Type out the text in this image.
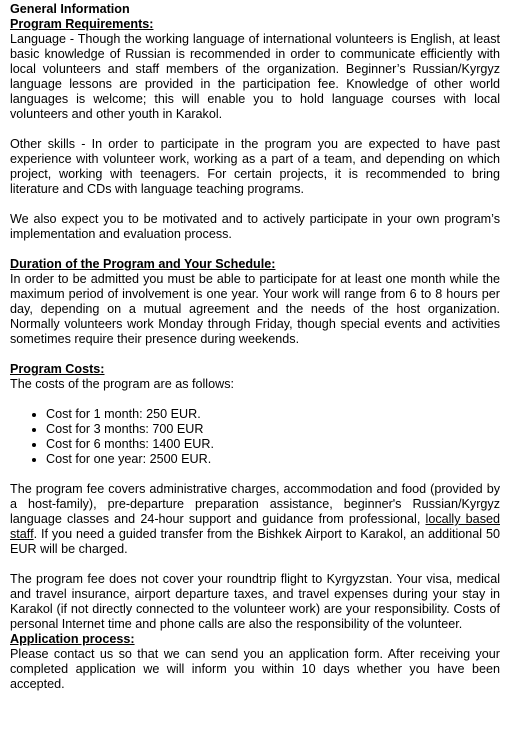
General Information

Program Requirements:

Language - Though the working language of international volunteers is English, at least basic knowledge of Russian is recommended in order to communicate efficiently with local volunteers and staff members of the organization. Beginner’s Russian/Kyrgyz language lessons are provided in the participation fee. Knowledge of other world languages is welcome; this will enable you to hold language courses with local volunteers and other youth in Karakol.

Other skills - In order to participate in the program you are expected to have past experience with volunteer work, working as a part of a team, and depending on which project, working with teenagers. For certain projects, it is recommended to bring literature and CDs with language teaching programs.

We also expect you to be motivated and to actively participate in your own program’s implementation and evaluation process.

Duration of the Program and Your Schedule:

In order to be admitted you must be able to participate for at least one month while the maximum period of involvement is one year. Your work will range from 6 to 8 hours per day, depending on a mutual agreement and the needs of the host organization. Normally volunteers work Monday through Friday, though special events and activities sometimes require their presence during weekends.

Program Costs:

The costs of the program are as follows:

Cost for 1 month: 250 EUR.
Cost for 3 months: 700 EUR
Cost for 6 months: 1400 EUR.
Cost for one year: 2500 EUR.

The program fee covers administrative charges, accommodation and food (provided by a host-family), pre-departure preparation assistance, beginner's Russian/Kyrgyz language classes and 24-hour support and guidance from professional, locally based staff. If you need a guided transfer from the Bishkek Airport to Karakol, an additional 50 EUR will be charged.

The program fee does not cover your roundtrip flight to Kyrgyzstan. Your visa, medical and travel insurance, airport departure taxes, and travel expenses during your stay in Karakol (if not directly connected to the volunteer work) are your responsibility. Costs of personal Internet time and phone calls are also the responsibility of the volunteer.

Application process:

Please contact us so that we can send you an application form. After receiving your completed application we will inform you within 10 days whether you have been accepted.
